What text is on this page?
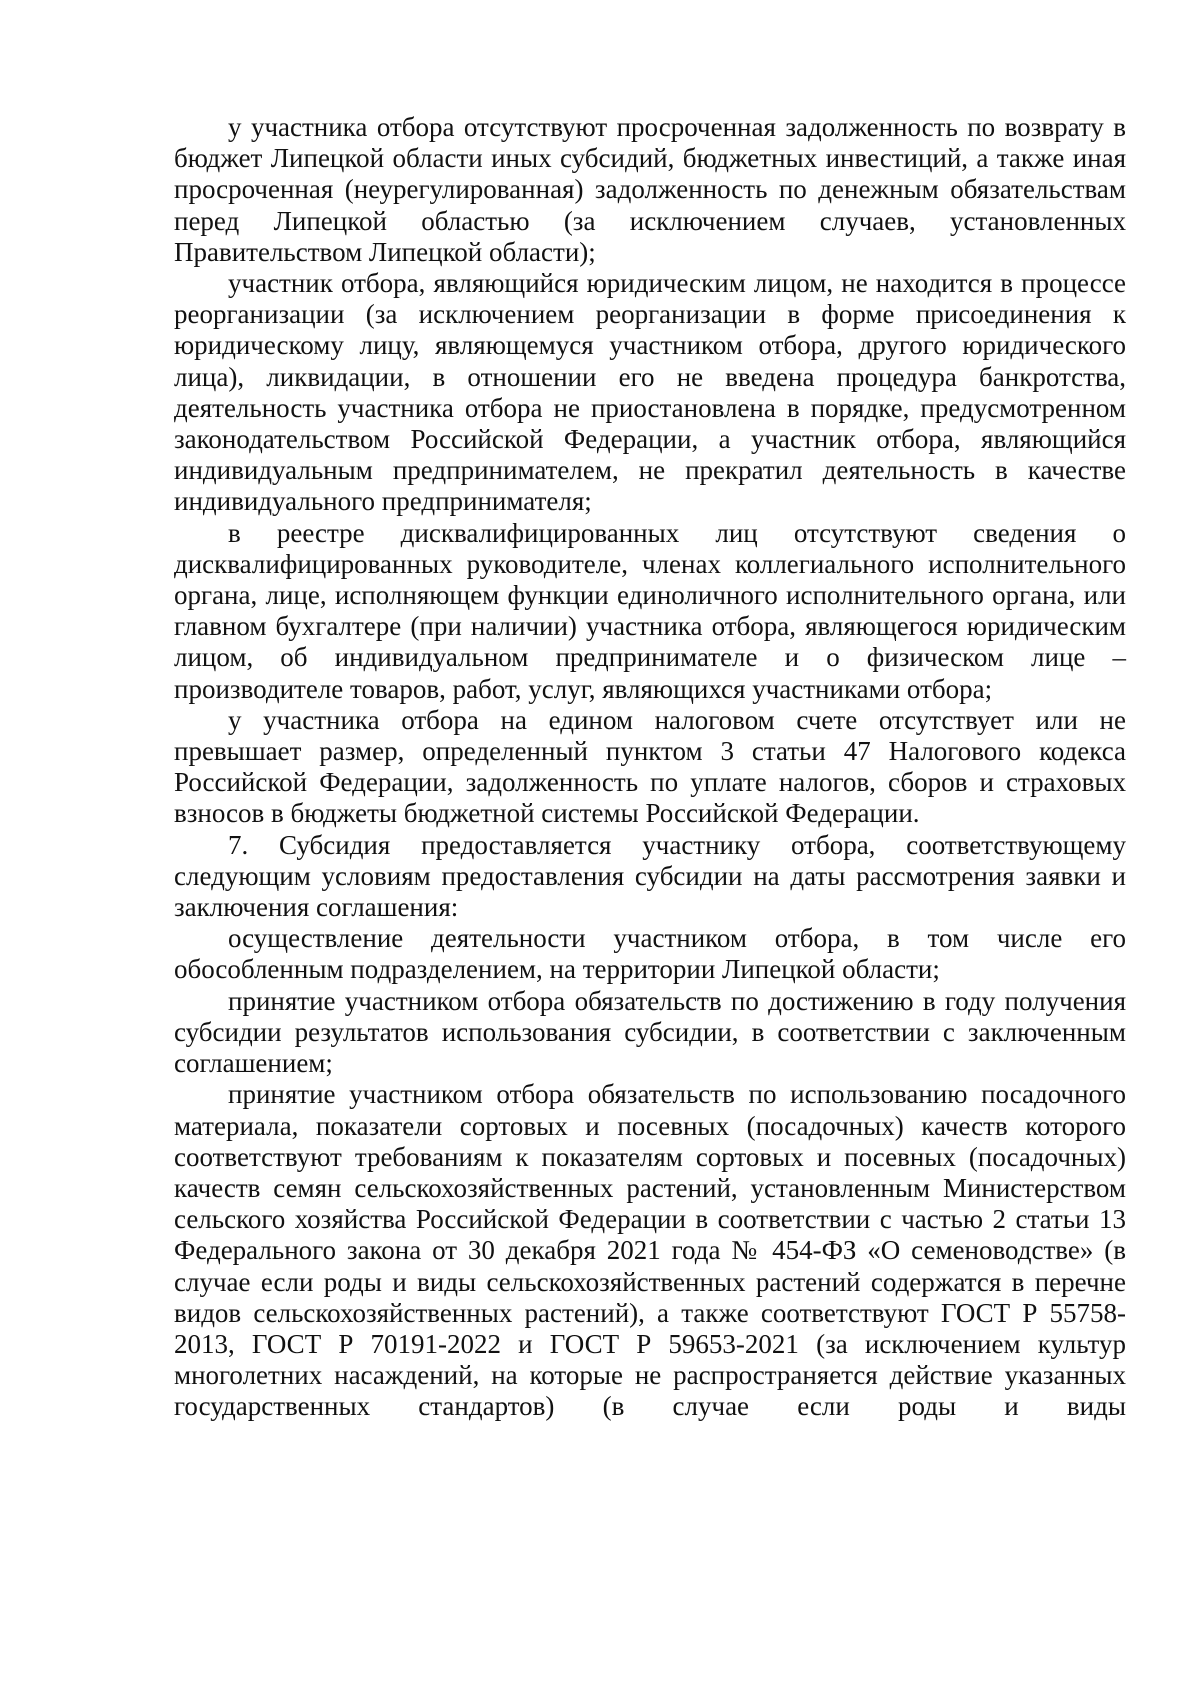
у участника отбора отсутствуют просроченная задолженность по возврату в бюджет Липецкой области иных субсидий, бюджетных инвестиций, а также иная просроченная (неурегулированная) задолженность по денежным обязательствам перед Липецкой областью (за исключением случаев, установленных Правительством Липецкой области);

участник отбора, являющийся юридическим лицом, не находится в процессе реорганизации (за исключением реорганизации в форме присоединения к юридическому лицу, являющемуся участником отбора, другого юридического лица), ликвидации, в отношении его не введена процедура банкротства, деятельность участника отбора не приостановлена в порядке, предусмотренном законодательством Российской Федерации, а участник отбора, являющийся индивидуальным предпринимателем, не прекратил деятельность в качестве индивидуального предпринимателя;

в реестре дисквалифицированных лиц отсутствуют сведения о дисквалифицированных руководителе, членах коллегиального исполнительного органа, лице, исполняющем функции единоличного исполнительного органа, или главном бухгалтере (при наличии) участника отбора, являющегося юридическим лицом, об индивидуальном предпринимателе и о физическом лице – производителе товаров, работ, услуг, являющихся участниками отбора;

у участника отбора на едином налоговом счете отсутствует или не превышает размер, определенный пунктом 3 статьи 47 Налогового кодекса Российской Федерации, задолженность по уплате налогов, сборов и страховых взносов в бюджеты бюджетной системы Российской Федерации.

7. Субсидия предоставляется участнику отбора, соответствующему следующим условиям предоставления субсидии на даты рассмотрения заявки и заключения соглашения:

осуществление деятельности участником отбора, в том числе его обособленным подразделением, на территории Липецкой области;

принятие участником отбора обязательств по достижению в году получения субсидии результатов использования субсидии, в соответствии с заключенным соглашением;

принятие участником отбора обязательств по использованию посадочного материала, показатели сортовых и посевных (посадочных) качеств которого соответствуют требованиям к показателям сортовых и посевных (посадочных) качеств семян сельскохозяйственных растений, установленным Министерством сельского хозяйства Российской Федерации в соответствии с частью 2 статьи 13 Федерального закона от 30 декабря 2021 года № 454-ФЗ «О семеноводстве» (в случае если роды и виды сельскохозяйственных растений содержатся в перечне видов сельскохозяйственных растений), а также соответствуют ГОСТ Р 55758-2013, ГОСТ Р 70191-2022 и ГОСТ Р 59653-2021 (за исключением культур многолетних насаждений, на которые не распространяется действие указанных государственных стандартов) (в случае если роды и виды
